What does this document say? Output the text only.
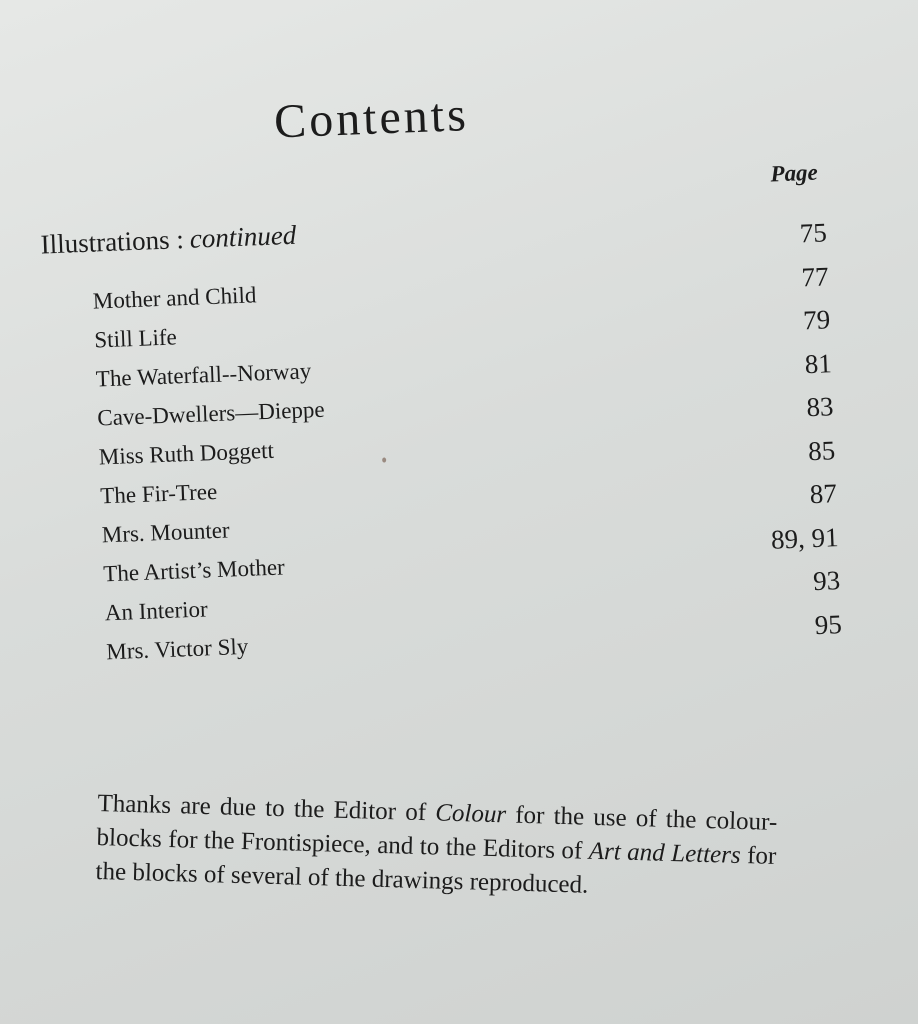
Contents
Page
Illustrations : continued
Mother and Child
Still Life
The Waterfall--Norway
Cave-Dwellers—Dieppe
Miss Ruth Doggett
The Fir-Tree
Mrs. Mounter
The Artist’s Mother
An Interior
Mrs. Victor Sly
75
77
79
81
83
85
87
89, 91
93
95

Thanks are due to the Editor of Colour for the use of the colour-blocks for the Frontispiece, and to the Editors of Art and Letters for the blocks of several of the drawings reproduced.
